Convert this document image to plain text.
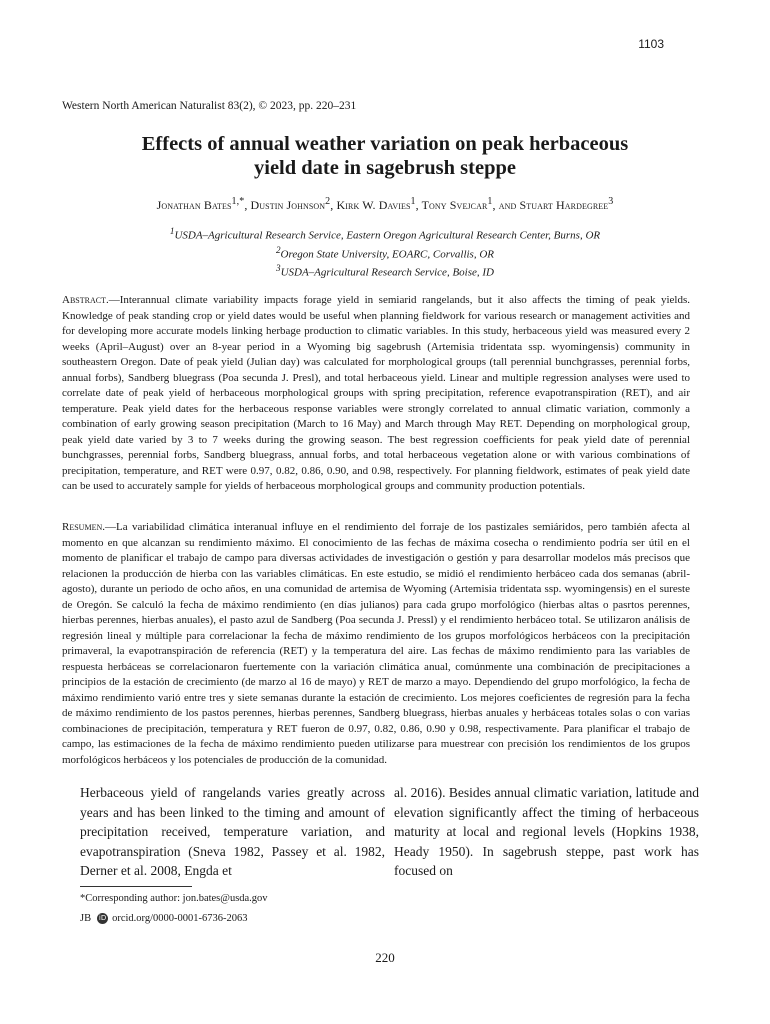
1103
Western North American Naturalist 83(2), © 2023, pp. 220–231
Effects of annual weather variation on peak herbaceous
yield date in sagebrush steppe
Jonathan Bates$^{1,*}$, Dustin Johnson$^2$, Kirk W. Davies$^1$, Tony Svejcar$^1$, and Stuart Hardegree$^3$
$^1$USDA–Agricultural Research Service, Eastern Oregon Agricultural Research Center, Burns, OR
$^2$Oregon State University, EOARC, Corvallis, OR
$^3$USDA–Agricultural Research Service, Boise, ID
Abstract.—Interannual climate variability impacts forage yield in semiarid rangelands, but it also affects the timing of peak yields. Knowledge of peak standing crop or yield dates would be useful when planning fieldwork for various research or management activities and for developing more accurate models linking herbage production to climatic variables. In this study, herbaceous yield was measured every 2 weeks (April–August) over an 8-year period in a Wyoming big sagebrush (Artemisia tridentata ssp. wyomingensis) community in southeastern Oregon. Date of peak yield (Julian day) was calculated for morphological groups (tall perennial bunchgrasses, perennial forbs, annual forbs), Sandberg bluegrass (Poa secunda J. Presl), and total herbaceous yield. Linear and multiple regression analyses were used to correlate date of peak yield of herbaceous morphological groups with spring precipitation, reference evapotranspiration (RET), and air temperature. Peak yield dates for the herbaceous response variables were strongly correlated to annual climatic variation, commonly a combination of early growing season precipitation (March to 16 May) and March through May RET. Depending on morphological group, peak yield date varied by 3 to 7 weeks during the growing season. The best regression coefficients for peak yield date of perennial bunchgrasses, perennial forbs, Sandberg bluegrass, annual forbs, and total herbaceous vegetation alone or with various combinations of precipitation, temperature, and RET were 0.97, 0.82, 0.86, 0.90, and 0.98, respectively. For planning fieldwork, estimates of peak yield date can be used to accurately sample for yields of herbaceous morphological groups and community production potentials.
Resumen.—La variabilidad climática interanual influye en el rendimiento del forraje de los pastizales semiáridos, pero también afecta al momento en que alcanzan su rendimiento máximo. El conocimiento de las fechas de máxima cosecha o rendimiento podría ser útil en el momento de planificar el trabajo de campo para diversas actividades de investigación o gestión y para desarrollar modelos más precisos que relacionen la producción de hierba con las variables climáticas. En este estudio, se midió el rendimiento herbáceo cada dos semanas (abril-agosto), durante un periodo de ocho años, en una comunidad de artemisa de Wyoming (Artemisia tridentata ssp. wyomingensis) en el sureste de Oregón. Se calculó la fecha de máximo rendimiento (en días julianos) para cada grupo morfológico (hierbas altas o pasrtos perennes, hierbas perennes, hierbas anuales), el pasto azul de Sandberg (Poa secunda J. Pressl) y el rendimiento herbáceo total. Se utilizaron análisis de regresión lineal y múltiple para correlacionar la fecha de máximo rendimiento de los grupos morfológicos herbáceos con la precipitación primaveral, la evapotranspiración de referencia (RET) y la temperatura del aire. Las fechas de máximo rendimiento para las variables de respuesta herbáceas se correlacionaron fuertemente con la variación climática anual, comúnmente una combinación de precipitaciones a principios de la estación de crecimiento (de marzo al 16 de mayo) y RET de marzo a mayo. Dependiendo del grupo morfológico, la fecha de máximo rendimiento varió entre tres y siete semanas durante la estación de crecimiento. Los mejores coeficientes de regresión para la fecha de máximo rendimiento de los pastos perennes, hierbas perennes, Sandberg bluegrass, hierbas anuales y herbáceas totales solas o con varias combinaciones de precipitación, temperatura y RET fueron de 0.97, 0.82, 0.86, 0.90 y 0.98, respectivamente. Para planificar el trabajo de campo, las estimaciones de la fecha de máximo rendimiento pueden utilizarse para muestrear con precisión los rendimientos de los grupos morfológicos herbáceos y los potenciales de producción de la comunidad.
Herbaceous yield of rangelands varies greatly across years and has been linked to the timing and amount of precipitation received, temperature variation, and evapotranspiration (Sneva 1982, Passey et al. 1982, Derner et al. 2008, Engda et
al. 2016). Besides annual climatic variation, latitude and elevation significantly affect the timing of herbaceous maturity at local and regional levels (Hopkins 1938, Heady 1950). In sagebrush steppe, past work has focused on
*Corresponding author: jon.bates@usda.gov
JB iD orcid.org/0000-0001-6736-2063
220
